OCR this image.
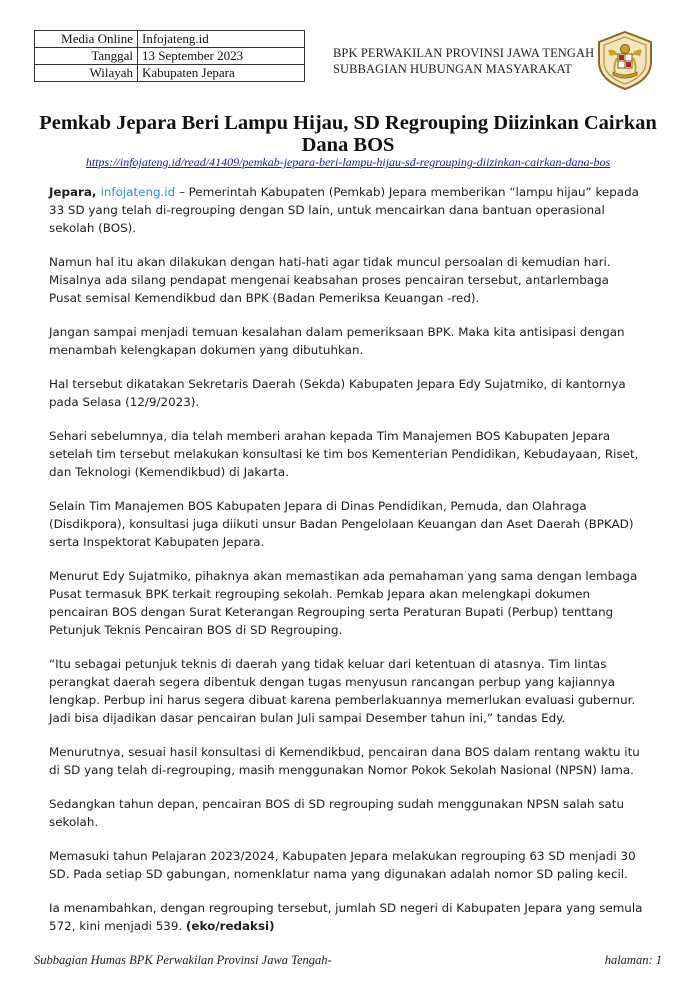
Media Online	Infojateng.id
Tanggal	13 September 2023
Wilayah	Kabupaten Jepara
BPK PERWAKILAN PROVINSI JAWA TENGAH
SUBBAGIAN HUBUNGAN MASYARAKAT
Pemkab Jepara Beri Lampu Hijau, SD Regrouping Diizinkan Cairkan Dana BOS
https://infojateng.id/read/41409/pemkab-jepara-beri-lampu-hijau-sd-regrouping-diizinkan-cairkan-dana-bos

Jepara, infojateng.id – Pemerintah Kabupaten (Pemkab) Jepara memberikan “lampu hijau” kepada 33 SD yang telah di-regrouping dengan SD lain, untuk mencairkan dana bantuan operasional sekolah (BOS).

Namun hal itu akan dilakukan dengan hati-hati agar tidak muncul persoalan di kemudian hari. Misalnya ada silang pendapat mengenai keabsahan proses pencairan tersebut, antarlembaga Pusat semisal Kemendikbud dan BPK (Badan Pemeriksa Keuangan -red).

Jangan sampai menjadi temuan kesalahan dalam pemeriksaan BPK. Maka kita antisipasi dengan menambah kelengkapan dokumen yang dibutuhkan.

Hal tersebut dikatakan Sekretaris Daerah (Sekda) Kabupaten Jepara Edy Sujatmiko, di kantornya pada Selasa (12/9/2023).

Sehari sebelumnya, dia telah memberi arahan kepada Tim Manajemen BOS Kabupaten Jepara setelah tim tersebut melakukan konsultasi ke tim bos Kementerian Pendidikan, Kebudayaan, Riset, dan Teknologi (Kemendikbud) di Jakarta.

Selain Tim Manajemen BOS Kabupaten Jepara di Dinas Pendidikan, Pemuda, dan Olahraga (Disdikpora), konsultasi juga diikuti unsur Badan Pengelolaan Keuangan dan Aset Daerah (BPKAD) serta Inspektorat Kabupaten Jepara.

Menurut Edy Sujatmiko, pihaknya akan memastikan ada pemahaman yang sama dengan lembaga Pusat termasuk BPK terkait regrouping sekolah. Pemkab Jepara akan melengkapi dokumen pencairan BOS dengan Surat Keterangan Regrouping serta Peraturan Bupati (Perbup) tenttang Petunjuk Teknis Pencairan BOS di SD Regrouping.

“Itu sebagai petunjuk teknis di daerah yang tidak keluar dari ketentuan di atasnya. Tim lintas perangkat daerah segera dibentuk dengan tugas menyusun rancangan perbup yang kajiannya lengkap. Perbup ini harus segera dibuat karena pemberlakuannya memerlukan evaluasi gubernur. Jadi bisa dijadikan dasar pencairan bulan Juli sampai Desember tahun ini,” tandas Edy.

Menurutnya, sesuai hasil konsultasi di Kemendikbud, pencairan dana BOS dalam rentang waktu itu di SD yang telah di-regrouping, masih menggunakan Nomor Pokok Sekolah Nasional (NPSN) lama.

Sedangkan tahun depan, pencairan BOS di SD regrouping sudah menggunakan NPSN salah satu sekolah.

Memasuki tahun Pelajaran 2023/2024, Kabupaten Jepara melakukan regrouping 63 SD menjadi 30 SD. Pada setiap SD gabungan, nomenklatur nama yang digunakan adalah nomor SD paling kecil.

Ia menambahkan, dengan regrouping tersebut, jumlah SD negeri di Kabupaten Jepara yang semula 572, kini menjadi 539. (eko/redaksi)

Subbagian Humas BPK Perwakilan Provinsi Jawa Tengah-	halaman: 1
